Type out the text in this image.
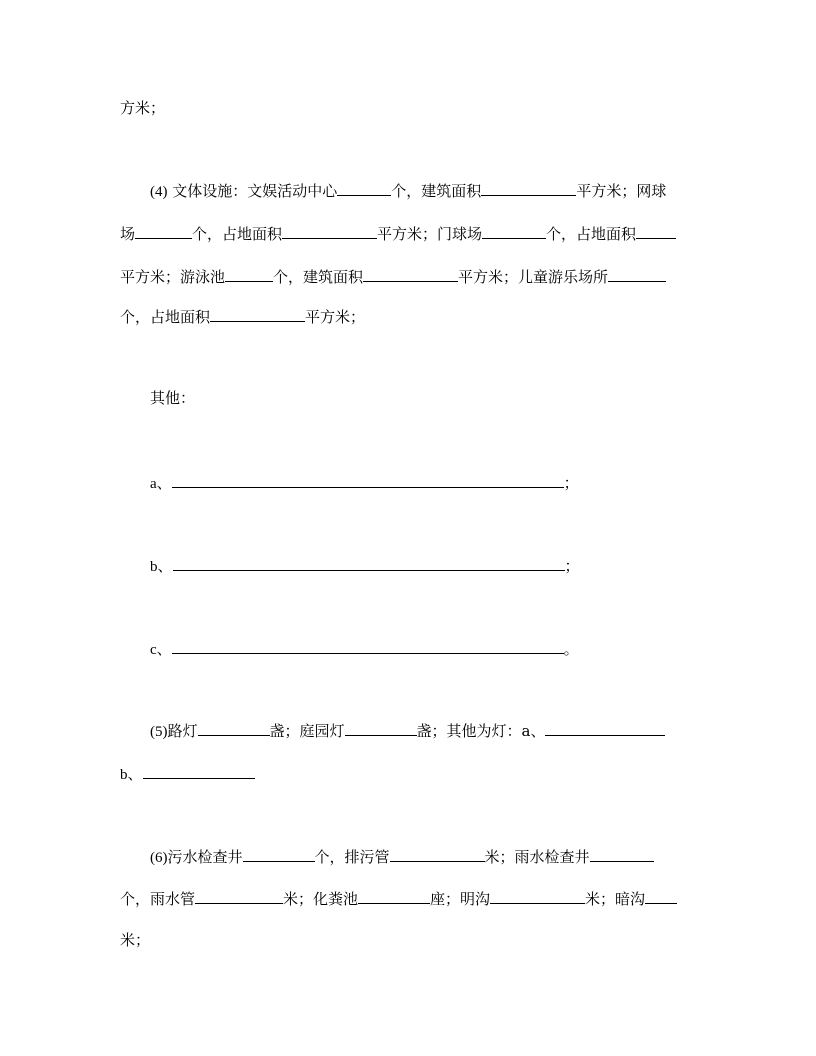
方米；
(4) 文体设施：文娱活动中心	个，建筑面积	平方米；网球
场	个，占地面积	平方米；门球场	个，占地面积
平方米；游泳池	个，建筑面积	平方米；儿童游乐场所
个，占地面积	平方米；
其他：
a、	；
b、	；
c、	。
(5)路灯	盏；庭园灯	盏；其他为灯：a、
b、
(6)污水检查井	个，排污管	米；雨水检查井
个，雨水管	米；化粪池	座；明沟	米；暗沟
米；
